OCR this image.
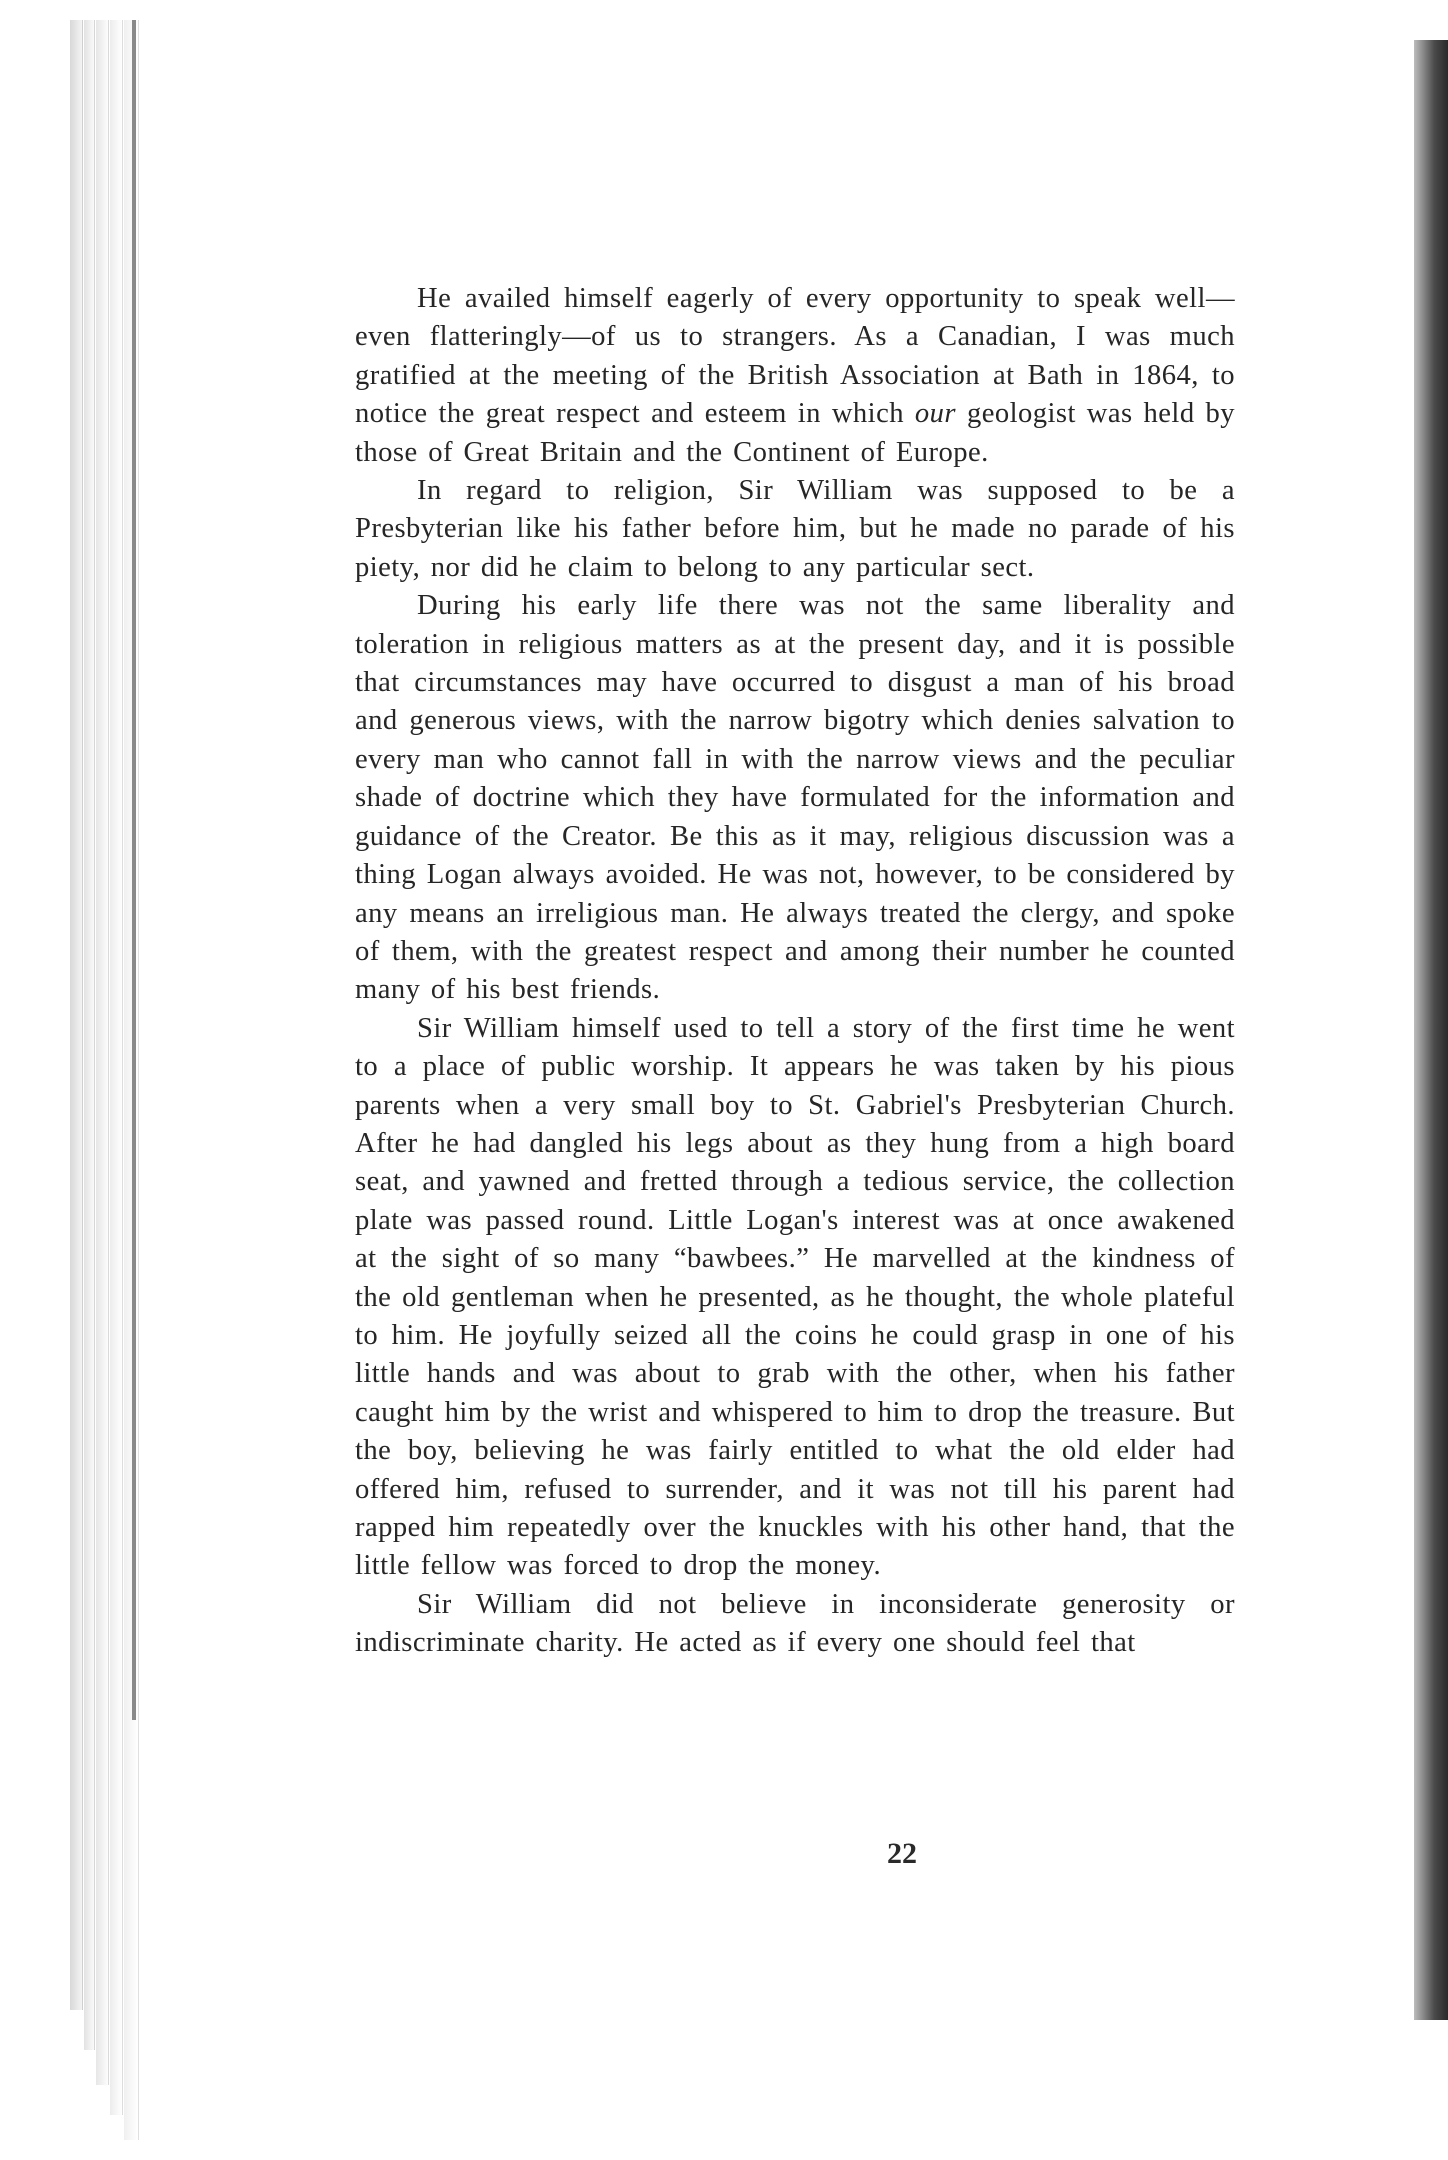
He availed himself eagerly of every opportunity to speak well—even flatteringly—of us to strangers. As a Canadian, I was much gratified at the meeting of the British Association at Bath in 1864, to notice the great respect and esteem in which our geologist was held by those of Great Britain and the Continent of Europe.

In regard to religion, Sir William was supposed to be a Presbyterian like his father before him, but he made no parade of his piety, nor did he claim to belong to any particular sect.

During his early life there was not the same liberality and toleration in religious matters as at the present day, and it is possible that circumstances may have occurred to disgust a man of his broad and generous views, with the narrow bigotry which denies salvation to every man who cannot fall in with the narrow views and the peculiar shade of doctrine which they have formulated for the information and guidance of the Creator. Be this as it may, religious discussion was a thing Logan always avoided. He was not, however, to be considered by any means an irreligious man. He always treated the clergy, and spoke of them, with the greatest respect and among their number he counted many of his best friends.

Sir William himself used to tell a story of the first time he went to a place of public worship. It appears he was taken by his pious parents when a very small boy to St. Gabriel's Presbyterian Church. After he had dangled his legs about as they hung from a high board seat, and yawned and fretted through a tedious service, the collection plate was passed round. Little Logan's interest was at once awakened at the sight of so many “bawbees.” He marvelled at the kindness of the old gentleman when he presented, as he thought, the whole plateful to him. He joyfully seized all the coins he could grasp in one of his little hands and was about to grab with the other, when his father caught him by the wrist and whispered to him to drop the treasure. But the boy, believing he was fairly entitled to what the old elder had offered him, refused to surrender, and it was not till his parent had rapped him repeatedly over the knuckles with his other hand, that the little fellow was forced to drop the money.

Sir William did not believe in inconsiderate generosity or indiscriminate charity. He acted as if every one should feel that

22
